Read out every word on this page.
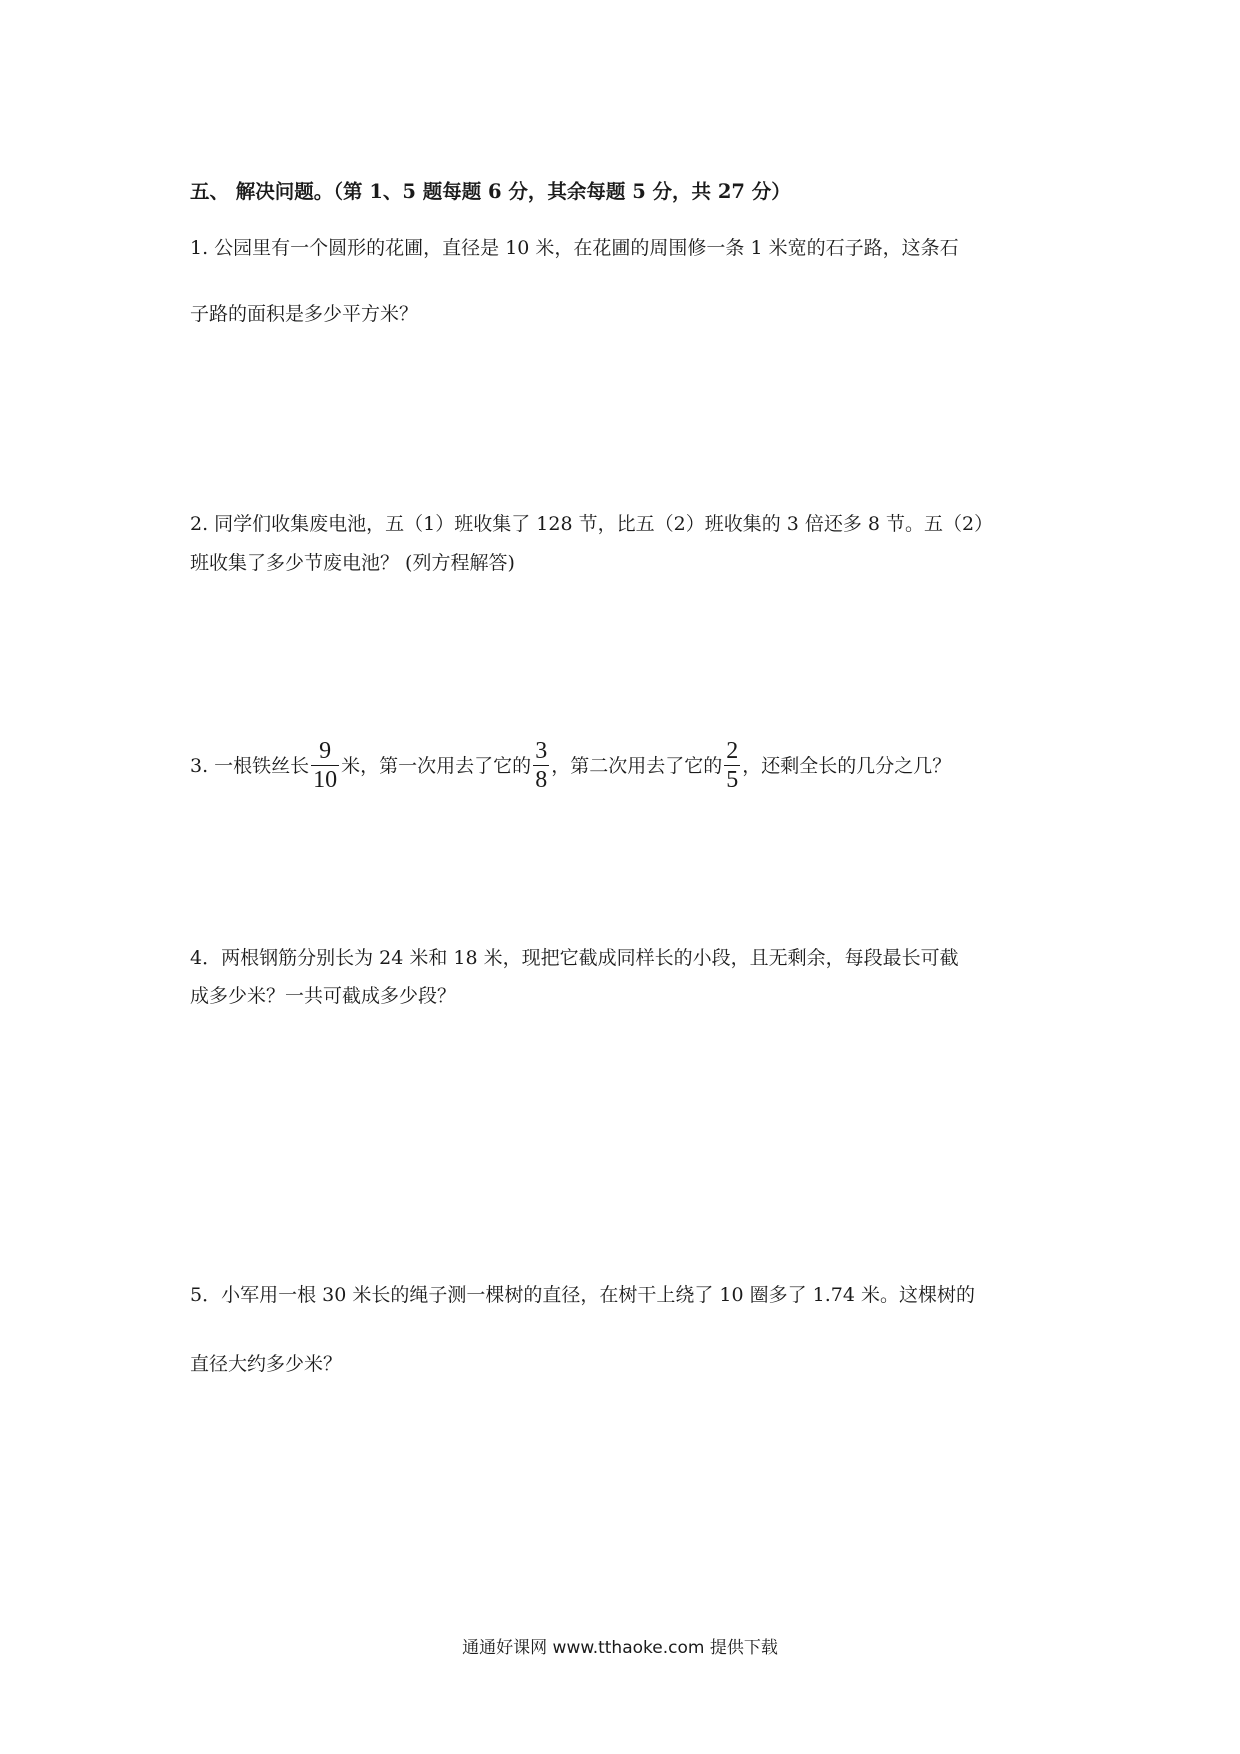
五、 解决问题。（第 1、5 题每题 6 分，其余每题 5 分，共 27 分）
1. 公园里有一个圆形的花圃，直径是 10 米，在花圃的周围修一条 1 米宽的石子路，这条石
子路的面积是多少平方米？
2. 同学们收集废电池，五（1）班收集了 128 节，比五（2）班收集的 3 倍还多 8 节。五（2）
班收集了多少节废电池？ (列方程解答)
3. 一根铁丝长 $\frac{9}{10}$ 米，第一次用去了它的 $\frac{3}{8}$ ，第二次用去了它的 $\frac{2}{5}$ ，还剩全长的几分之几？
4．两根钢筋分别长为 24 米和 18 米，现把它截成同样长的小段，且无剩余，每段最长可截
成多少米？一共可截成多少段？
5．小军用一根 30 米长的绳子测一棵树的直径，在树干上绕了 10 圈多了 1.74 米。这棵树的
直径大约多少米？
通通好课网 www.tthaoke.com 提供下载
